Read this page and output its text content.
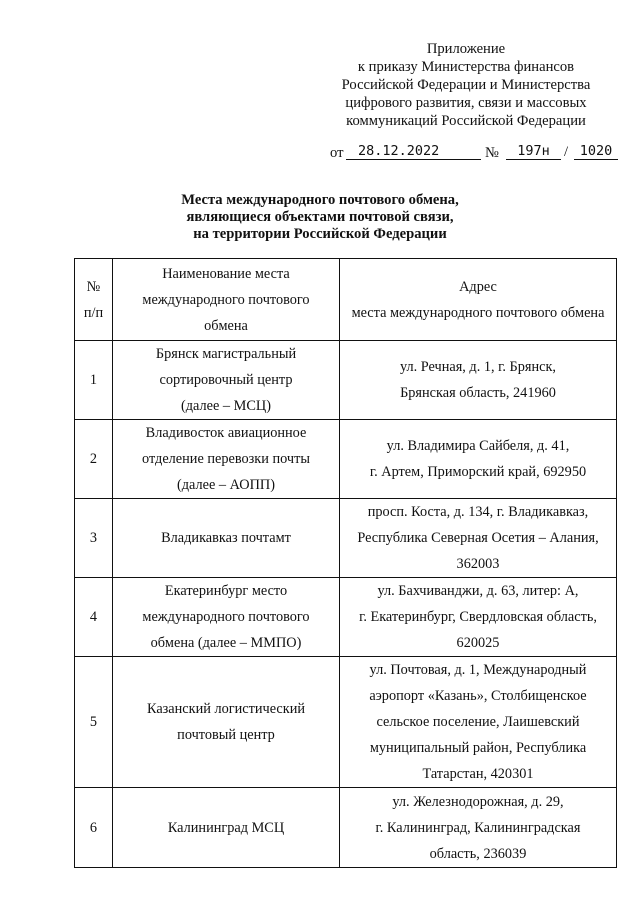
Приложение
к приказу Министерства финансов
Российской Федерации и Министерства
цифрового развития, связи и массовых
коммуникаций Российской Федерации
от	28.12.2022	№	197н / 1020
Места международного почтового обмена,
являющиеся объектами почтовой связи,
на территории Российской Федерации
№
п/п	Наименование места
международного почтового
обмена	Адрес
места международного почтового обмена
1	Брянск магистральный
сортировочный центр
(далее – МСЦ)	ул. Речная, д. 1, г. Брянск,
Брянская область, 241960
2	Владивосток авиационное
отделение перевозки почты
(далее – АОПП)	ул. Владимира Сайбеля, д. 41,
г. Артем, Приморский край, 692950
3	Владикавказ почтамт	просп. Коста, д. 134, г. Владикавказ,
Республика Северная Осетия – Алания,
362003
4	Екатеринбург место
международного почтового
обмена (далее – ММПО)	ул. Бахчиванджи, д. 63, литер: А,
г. Екатеринбург, Свердловская область,
620025
5	Казанский логистический
почтовый центр	ул. Почтовая, д. 1, Международный
аэропорт «Казань», Столбищенское
сельское поселение, Лаишевский
муниципальный район, Республика
Татарстан, 420301
6	Калининград МСЦ	ул. Железнодорожная, д. 29,
г. Калининград, Калининградская
область, 236039
